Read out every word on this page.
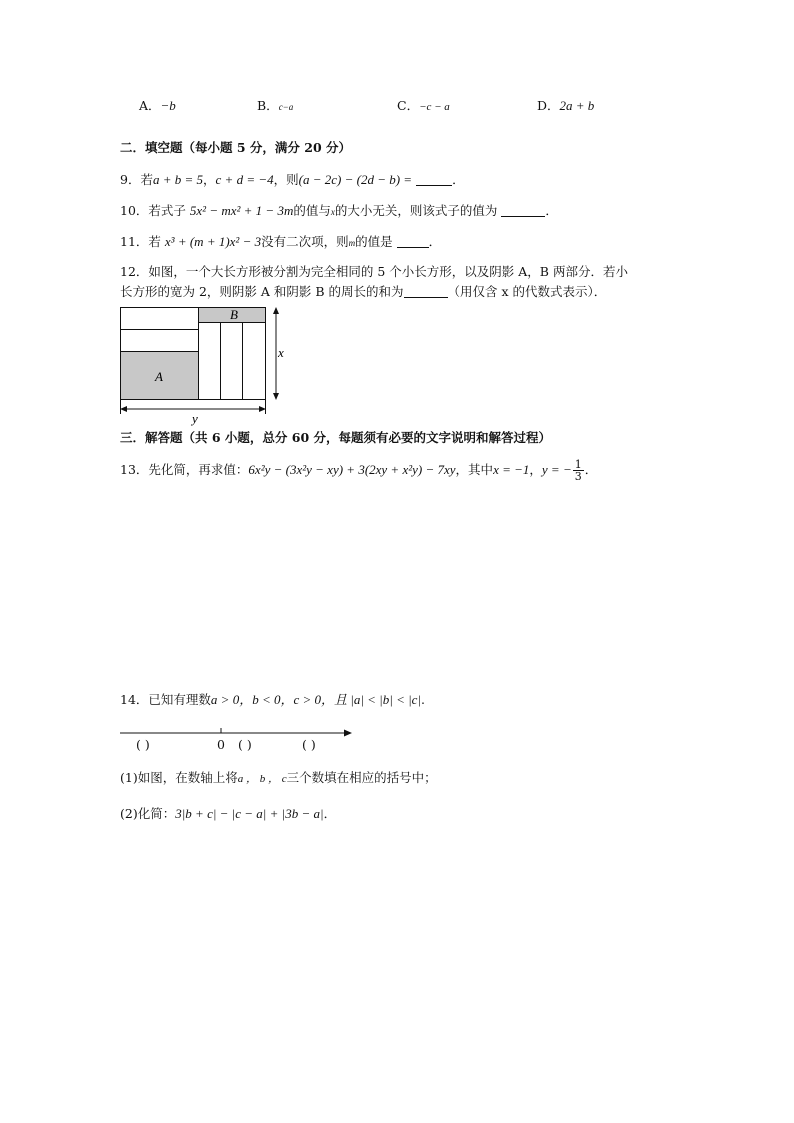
A．−b	B．c−a	C．−c − a	D．2a + b
二．填空题（每小题 5 分，满分 20 分）
9．若a + b = 5，c + d = −4，则(a − 2c) − (2d − b) =	．
10．若式子 5x² − mx² + 1 − 3m的值与x的大小无关，则该式子的值为	．
11．若 x³ + (m + 1)x² − 3没有二次项，则m的值是	．
12．如图，一个大长方形被分割为完全相同的 5 个小长方形，以及阴影 A，B 两部分．若小
长方形的宽为 2，则阴影 A 和阴影 B 的周长的和为	（用仅含 x 的代数式表示）．
B
A
x
y
三．解答题（共 6 小题，总分 60 分，每题须有必要的文字说明和解答过程）
13．先化简，再求值：6x²y − (3x²y − xy) + 3(2xy + x²y) − 7xy，其中x = −1，y = − $\frac{1}{3}$ ．
14．已知有理数a > 0，b < 0，c > 0，且 |a| < |b| < |c|.
( )	0 ( )	( )
(1)如图，在数轴上将a ， b ， c三个数填在相应的括号中；
(2)化简：3|b + c| − |c − a| + |3b − a|．
